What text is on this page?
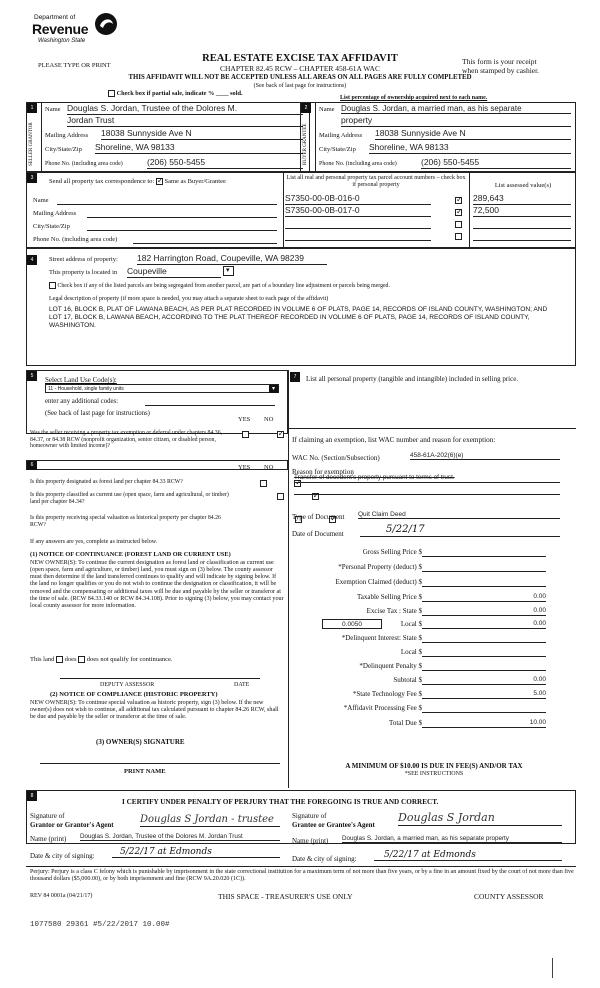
Department of
Revenue
Washington State
PLEASE TYPE OR PRINT
REAL ESTATE EXCISE TAX AFFIDAVIT
CHAPTER 82.45 RCW – CHAPTER 458-61A WAC
THIS AFFIDAVIT WILL NOT BE ACCEPTED UNLESS ALL AREAS ON ALL PAGES ARE FULLY COMPLETED
This form is your receipt
when stamped by cashier.
(See back of last page for instructions)
Check box if partial sale, indicate % ____ sold.
List percentage of ownership acquired next to each name.
1
SELLER GRANTOR
Name Douglas S. Jordan, Trustee of the Dolores M.
Jordan Trust
Mailing Address 18038 Sunnyside Ave N
City/State/Zip Shoreline, WA 98133
Phone No. (including area code)	(206) 550-5455
2
BUYER GRANTEE
Name Douglas S. Jordan, a married man, as his separate
property
Mailing Address 18038 Sunnyside Ave N
City/State/Zip Shoreline, WA 98133
Phone No. (including area code)	(206) 550-5455
3	Send all property tax correspondence to: ✓ Same as Buyer/Grantee
Name
Mailing Address
City/State/Zip
Phone No. (including area code)
List all real and personal property tax parcel account numbers – check box if personal property	List assessed value(s)
S7350-00-0B-016-0 ✓	289,643
S7350-00-0B-017-0 ✓	72,500
4	Street address of property: 182 Harrington Road, Coupeville, WA 98239
This property is located in Coupeville	▾
Check box if any of the listed parcels are being segregated from another parcel, are part of a boundary line adjustment or parcels being merged.
Legal description of property (if more space is needed, you may attach a separate sheet to each page of the affidavit)
LOT 16, BLOCK B, PLAT OF LAWANA BEACH, AS PER PLAT RECORDED IN VOLUME 6 OF PLATS, PAGE 14, RECORDS OF ISLAND COUNTY, WASHINGTON; AND LOT 17, BLOCK B, LAWANA BEACH, ACCORDING TO THE PLAT THEREOF RECORDED IN VOLUME 6 OF PLATS, PAGE 14, RECORDS OF ISLAND COUNTY, WASHINGTON.
5	Select Land Use Code(s):
11 - Household, single family units	▾
enter any additional codes:
(See back of last page for instructions)
YES NO
Was the seller receiving a property tax exemption or deferral under chapters 84.36, 84.37, or 84.38 RCW (nonprofit organization, senior citizen, or disabled person, homeowner with limited income)?
✓
6	YES NO
Is this property designated as forest land per chapter 84.33 RCW?
✓
Is this property classified as current use (open space, farm and agricultural, or timber) land per chapter 84.34?
✓
Is this property receiving special valuation as historical property per chapter 84.26 RCW?
✓
If any answers are yes, complete as instructed below.
(1) NOTICE OF CONTINUANCE (FOREST LAND OR CURRENT USE)
NEW OWNER(S): To continue the current designation as forest land or classification as current use (open space, farm and agriculture, or timber) land, you must sign on (3) below. The county assessor must then determine if the land transferred continues to qualify and will indicate by signing below. If the land no longer qualifies or you do not wish to continue the designation or classification, it will be removed and the compensating or additional taxes will be due and payable by the seller or transferor at the time of sale. (RCW 84.33.140 or RCW 84.34.108). Prior to signing (3) below, you may contact your local county assessor for more information.
This land does does not qualify for continuance.
DEPUTY ASSESSOR	DATE
(2) NOTICE OF COMPLIANCE (HISTORIC PROPERTY)
NEW OWNER(S): To continue special valuation as historic property, sign (3) below. If the new owner(s) does not wish to continue, all additional tax calculated pursuant to chapter 84.26 RCW, shall be due and payable by the seller or transferor at the time of sale.
(3) OWNER(S) SIGNATURE
PRINT NAME
7	List all personal property (tangible and intangible) included in selling price.
If claiming an exemption, list WAC number and reason for exemption:
WAC No. (Section/Subsection)	458-61A-202(6)(e)
Reason for exemption
Transfer of decedent's property pursuant to terms of trust.
Type of Document Quit Claim Deed
Date of Document	5/22/17
Gross Selling Price $
*Personal Property (deduct) $
Exemption Claimed (deduct) $
Taxable Selling Price $	0.00
Excise Tax : State $	0.00
0.0050	Local $	0.00
*Delinquent Interest: State $
Local $
*Delinquent Penalty $
Subtotal $	0.00
*State Technology Fee $	5.00
*Affidavit Processing Fee $
Total Due $	10.00
A MINIMUM OF $10.00 IS DUE IN FEE(S) AND/OR TAX
*SEE INSTRUCTIONS
8
I CERTIFY UNDER PENALTY OF PERJURY THAT THE FOREGOING IS TRUE AND CORRECT.
Signature of
Grantor or Grantor's Agent	Douglas S Jordan - trustee	Signature of
Grantee or Grantee's Agent
Douglas S Jordan
Name (print) Douglas S. Jordan, Trustee of the Dolores M. Jordan Trust
Name (print) Douglas S. Jordan, a married man, as his separate property
Date & city of signing:	5/22/17 at Edmonds
Date & city of signing:	5/22/17 at Edmonds
Perjury: Perjury is a class C felony which is punishable by imprisonment in the state correctional institution for a maximum term of not more than five years, or by a fine in an amount fixed by the court of not more than five thousand dollars ($5,000.00), or by both imprisonment and fine (RCW 9A.20.020 (1C)).
REV 84 0001a (04/21/17)	THIS SPACE - TREASURER'S USE ONLY	COUNTY ASSESSOR
1077580 29361 #5/22/2017 10.00#
